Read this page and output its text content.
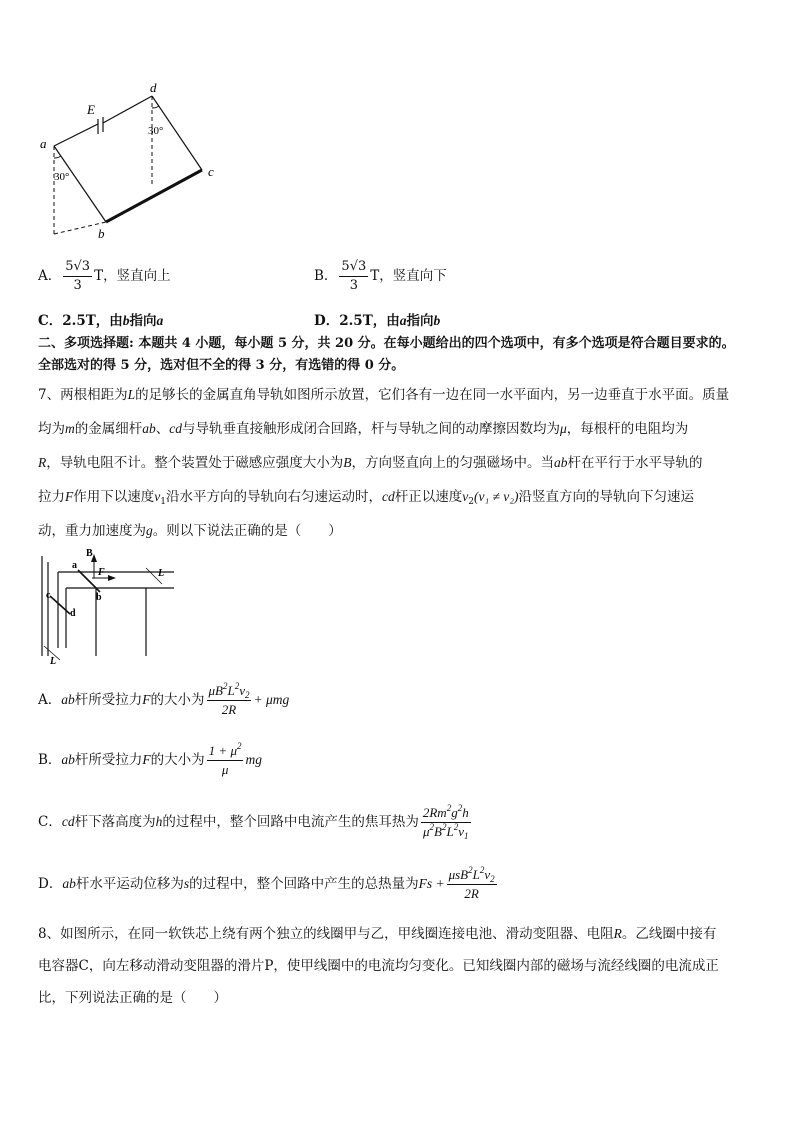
a
b
c
d
E
30°
30°
A． $\frac{5√3}{3}$ T，竖直向上	B． $\frac{5√3}{3}$ T，竖直向下
C．2.5T，由b指向a	D．2.5T，由a指向b
二、多项选择题: 本题共 4 小题，每小题 5 分，共 20 分。在每小题给出的四个选项中，有多个选项是符合题目要求的。
全部选对的得 5 分，选对但不全的得 3 分，有选错的得 0 分。
7、两根相距为L的足够长的金属直角导轨如图所示放置，它们各有一边在同一水平面内，另一边垂直于水平面。质量
均为m的金属细杆ab、cd与导轨垂直接触形成闭合回路，杆与导轨之间的动摩擦因数均为μ，每根杆的电阻均为
R，导轨电阻不计。整个装置处于磁感应强度大小为B，方向竖直向上的匀强磁场中。当ab杆在平行于水平导轨的
拉力F作用下以速度$v_1$沿水平方向的导轨向右匀速运动时，cd杆正以速度$v_2(v_1 \ne v_2)$沿竖直方向的导轨向下匀速运
动，重力加速度为g。则以下说法正确的是（　　）
B
a
F
b
c
d
L
L
A．ab杆所受拉力F的大小为 $\frac{\mu B^2L^2v_2}{2R} + \mu mg$
B．ab杆所受拉力F的大小为 $\frac{1 + \mu^2}{\mu}$ mg
C．cd杆下落高度为h的过程中，整个回路中电流产生的焦耳热为 $\frac{2Rm^2g^2h}{\mu^2B^2L^2v_1}$
D．ab杆水平运动位移为s的过程中，整个回路中产生的总热量为$Fs + \frac{\mu sB^2L^2v_2}{2R}$
8、如图所示，在同一软铁芯上绕有两个独立的线圈甲与乙，甲线圈连接电池、滑动变阻器、电阻R。乙线圈中接有
电容器C，向左移动滑动变阻器的滑片P，使甲线圈中的电流均匀变化。已知线圈内部的磁场与流经线圈的电流成正
比，下列说法正确的是（　　）
